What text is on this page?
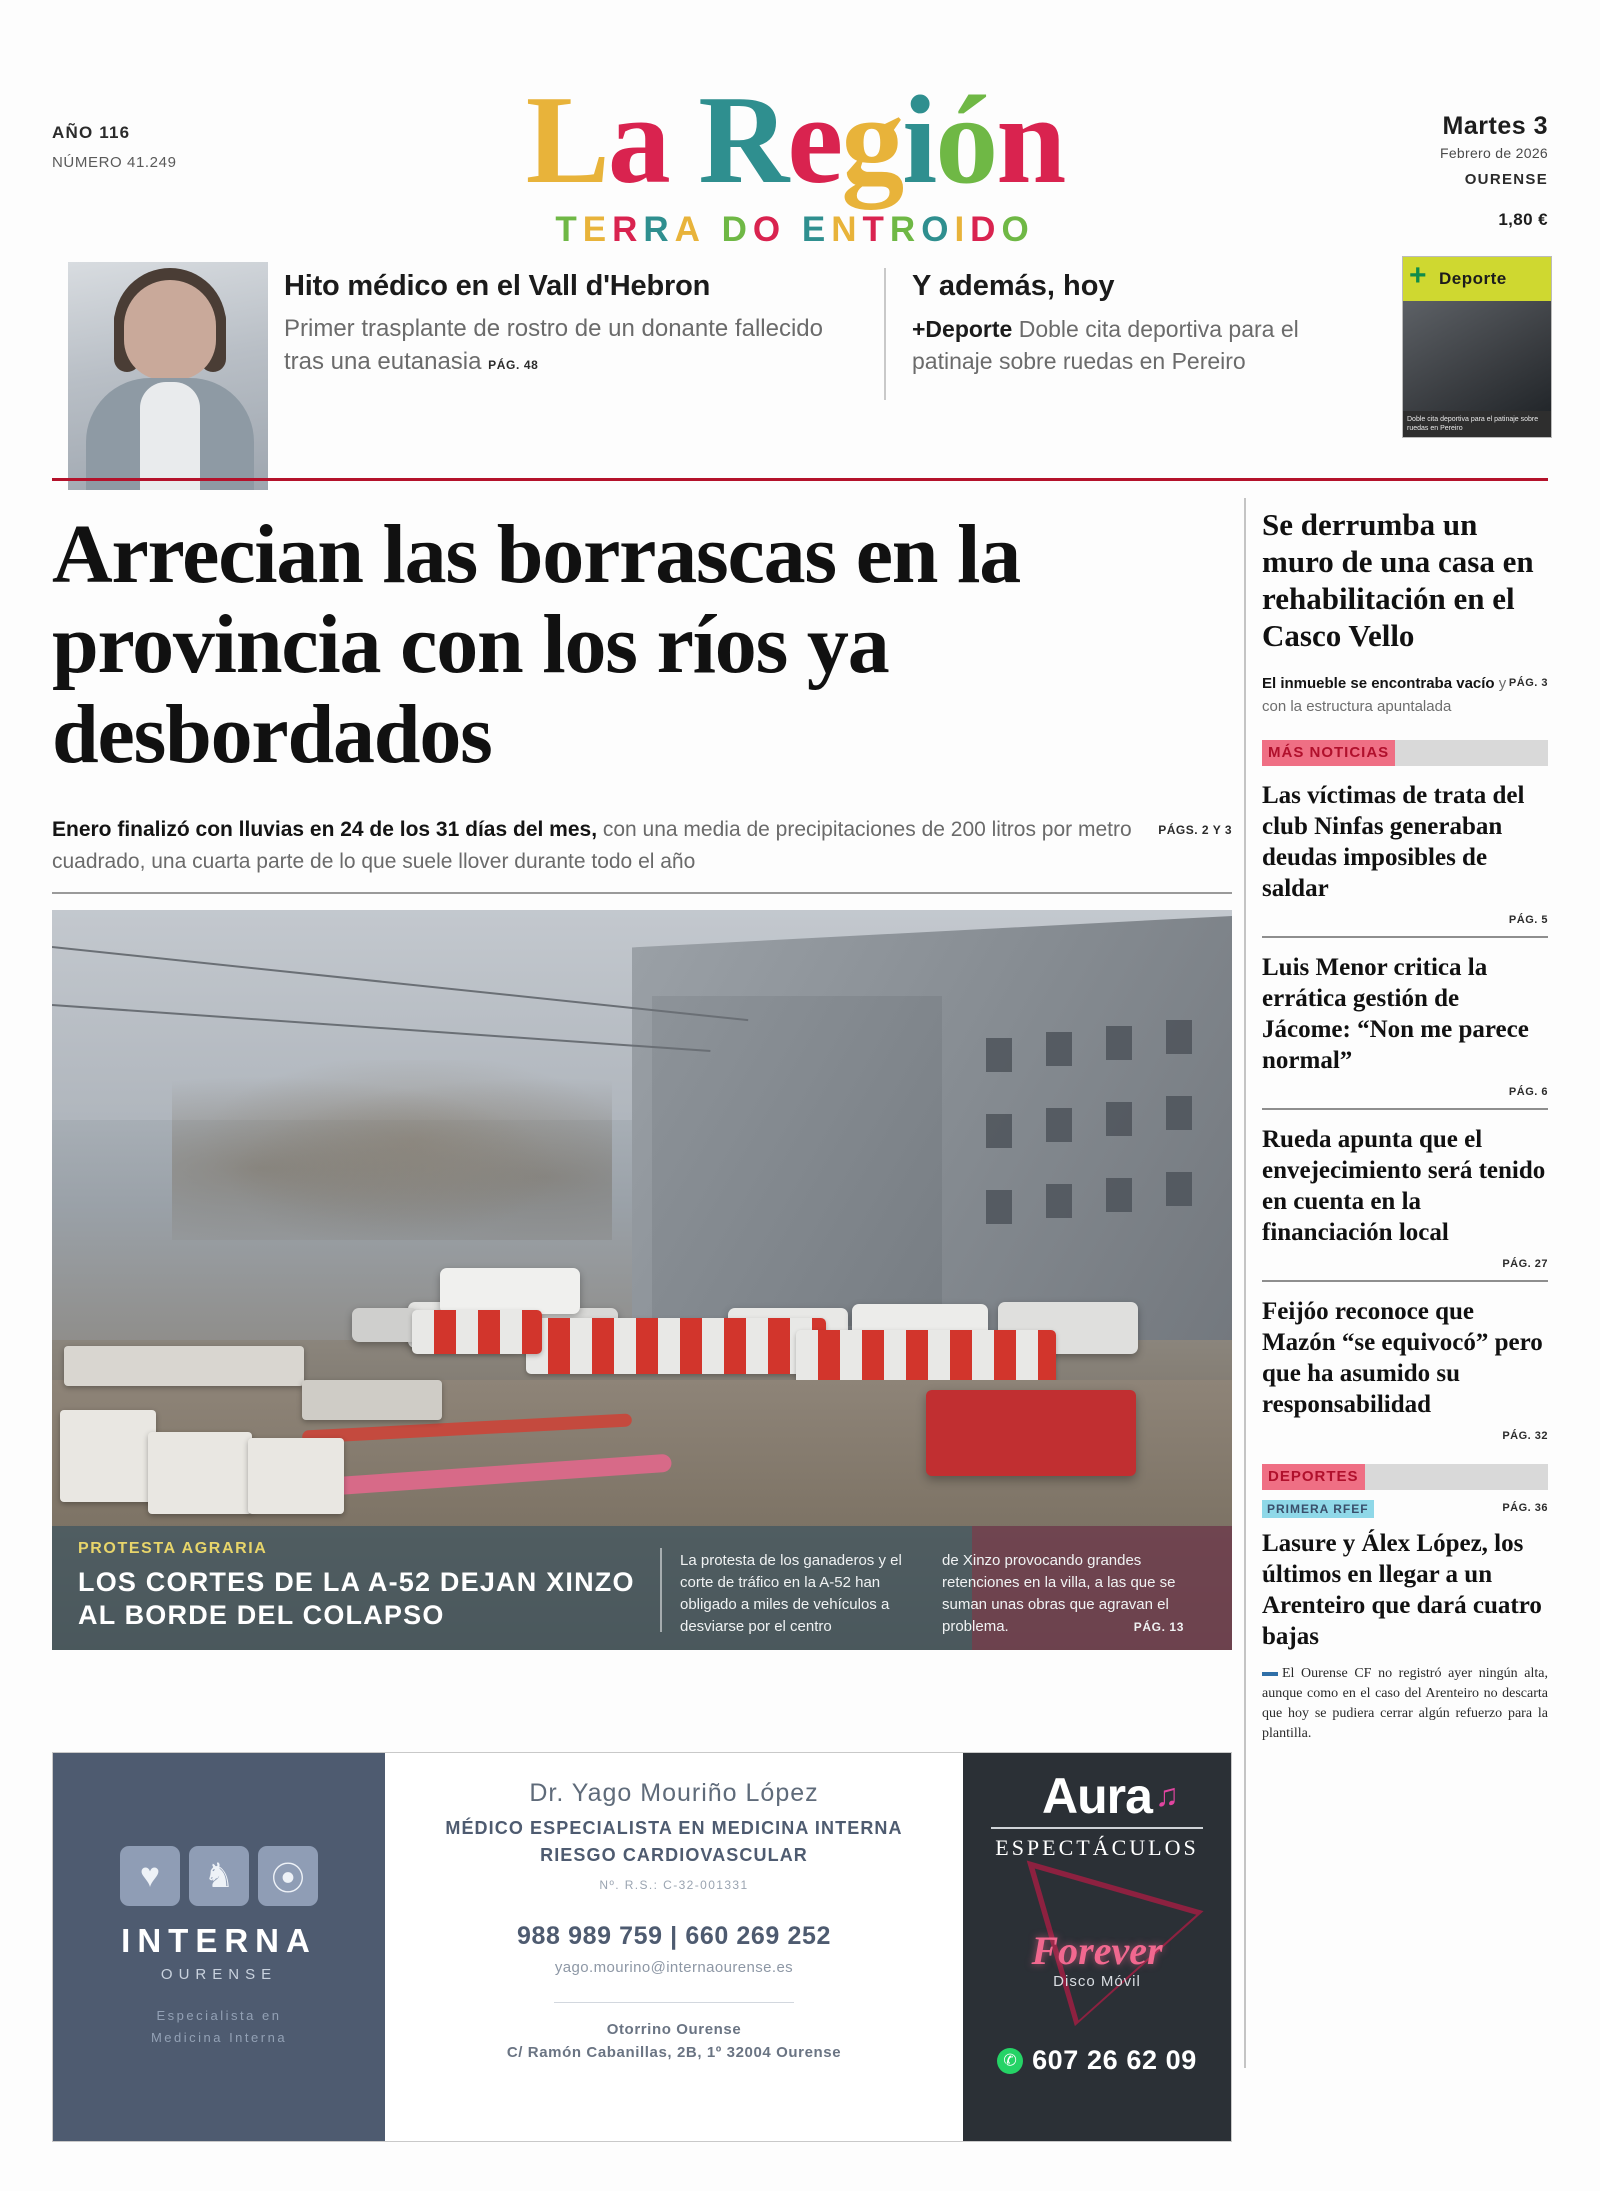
AÑO 116
NÚMERO 41.249	La Región
TERRA DO ENTROIDO
Martes 3
Febrero de 2026
OURENSE
1,80 €
Hito médico en el Vall d'Hebron

Primer trasplante de rostro de un donante fallecido tras una eutanasia PÁG. 48

Y además, hoy

+Deporte Doble cita deportiva para el patinaje sobre ruedas en Pereiro

+ Deporte
Doble cita deportiva para el patinaje sobre ruedas en Pereiro
Arrecian las borrascas en la provincia con los ríos ya desbordados
PÁGS. 2 Y 3
Enero finalizó con lluvias en 24 de los 31 días del mes, con una media de precipitaciones de 200 litros por metro cuadrado, una cuarta parte de lo que suele llover durante todo el año
PROTESTA AGRARIA
LOS CORTES DE LA A-52 DEJAN XINZO AL BORDE DEL COLAPSO
La protesta de los ganaderos y el corte de tráfico en la A-52 han obligado a miles de vehículos a desviarse por el centro
de Xinzo provocando grandes retenciones en la villa, a las que se suman unas obras que agravan el problema.	PÁG. 13
Se derrumba un muro de una casa en rehabilitación en el Casco Vello
PÁG. 3
El inmueble se encontraba vacío y con la estructura apuntalada
MÁS NOTICIAS
Las víctimas de trata del club Ninfas generaban deudas imposibles de saldar
PÁG. 5
Luis Menor critica la errática gestión de Jácome: “Non me parece normal”
PÁG. 6
Rueda apunta que el envejecimiento será tenido en cuenta en la financiación local
PÁG. 27
Feijóo reconoce que Mazón “se equivocó” pero que ha asumido su responsabilidad
PÁG. 32
DEPORTES
PRIMERA RFEF	PÁG. 36
Lasure y Álex López, los últimos en llegar a un Arenteiro que dará cuatro bajas
El Ourense CF no registró ayer ningún alta, aunque como en el caso del Arenteiro no descarta que hoy se pudiera cerrar algún refuerzo para la plantilla.
♥ ♞ ⦿
INTERNA
OURENSE
Especialista en
Medicina Interna
Dr. Yago Mouriño López
MÉDICO ESPECIALISTA EN MEDICINA INTERNA
RIESGO CARDIOVASCULAR
Nº. R.S.: C-32-001331
988 989 759 | 660 269 252
yago.mourino@internaourense.es
Otorrino Ourense
C/ Ramón Cabanillas, 2B, 1º 32004 Ourense
Aura ♫
ESPECTÁCULOS
Forever
Disco Móvil
✆
607 26 62 09
